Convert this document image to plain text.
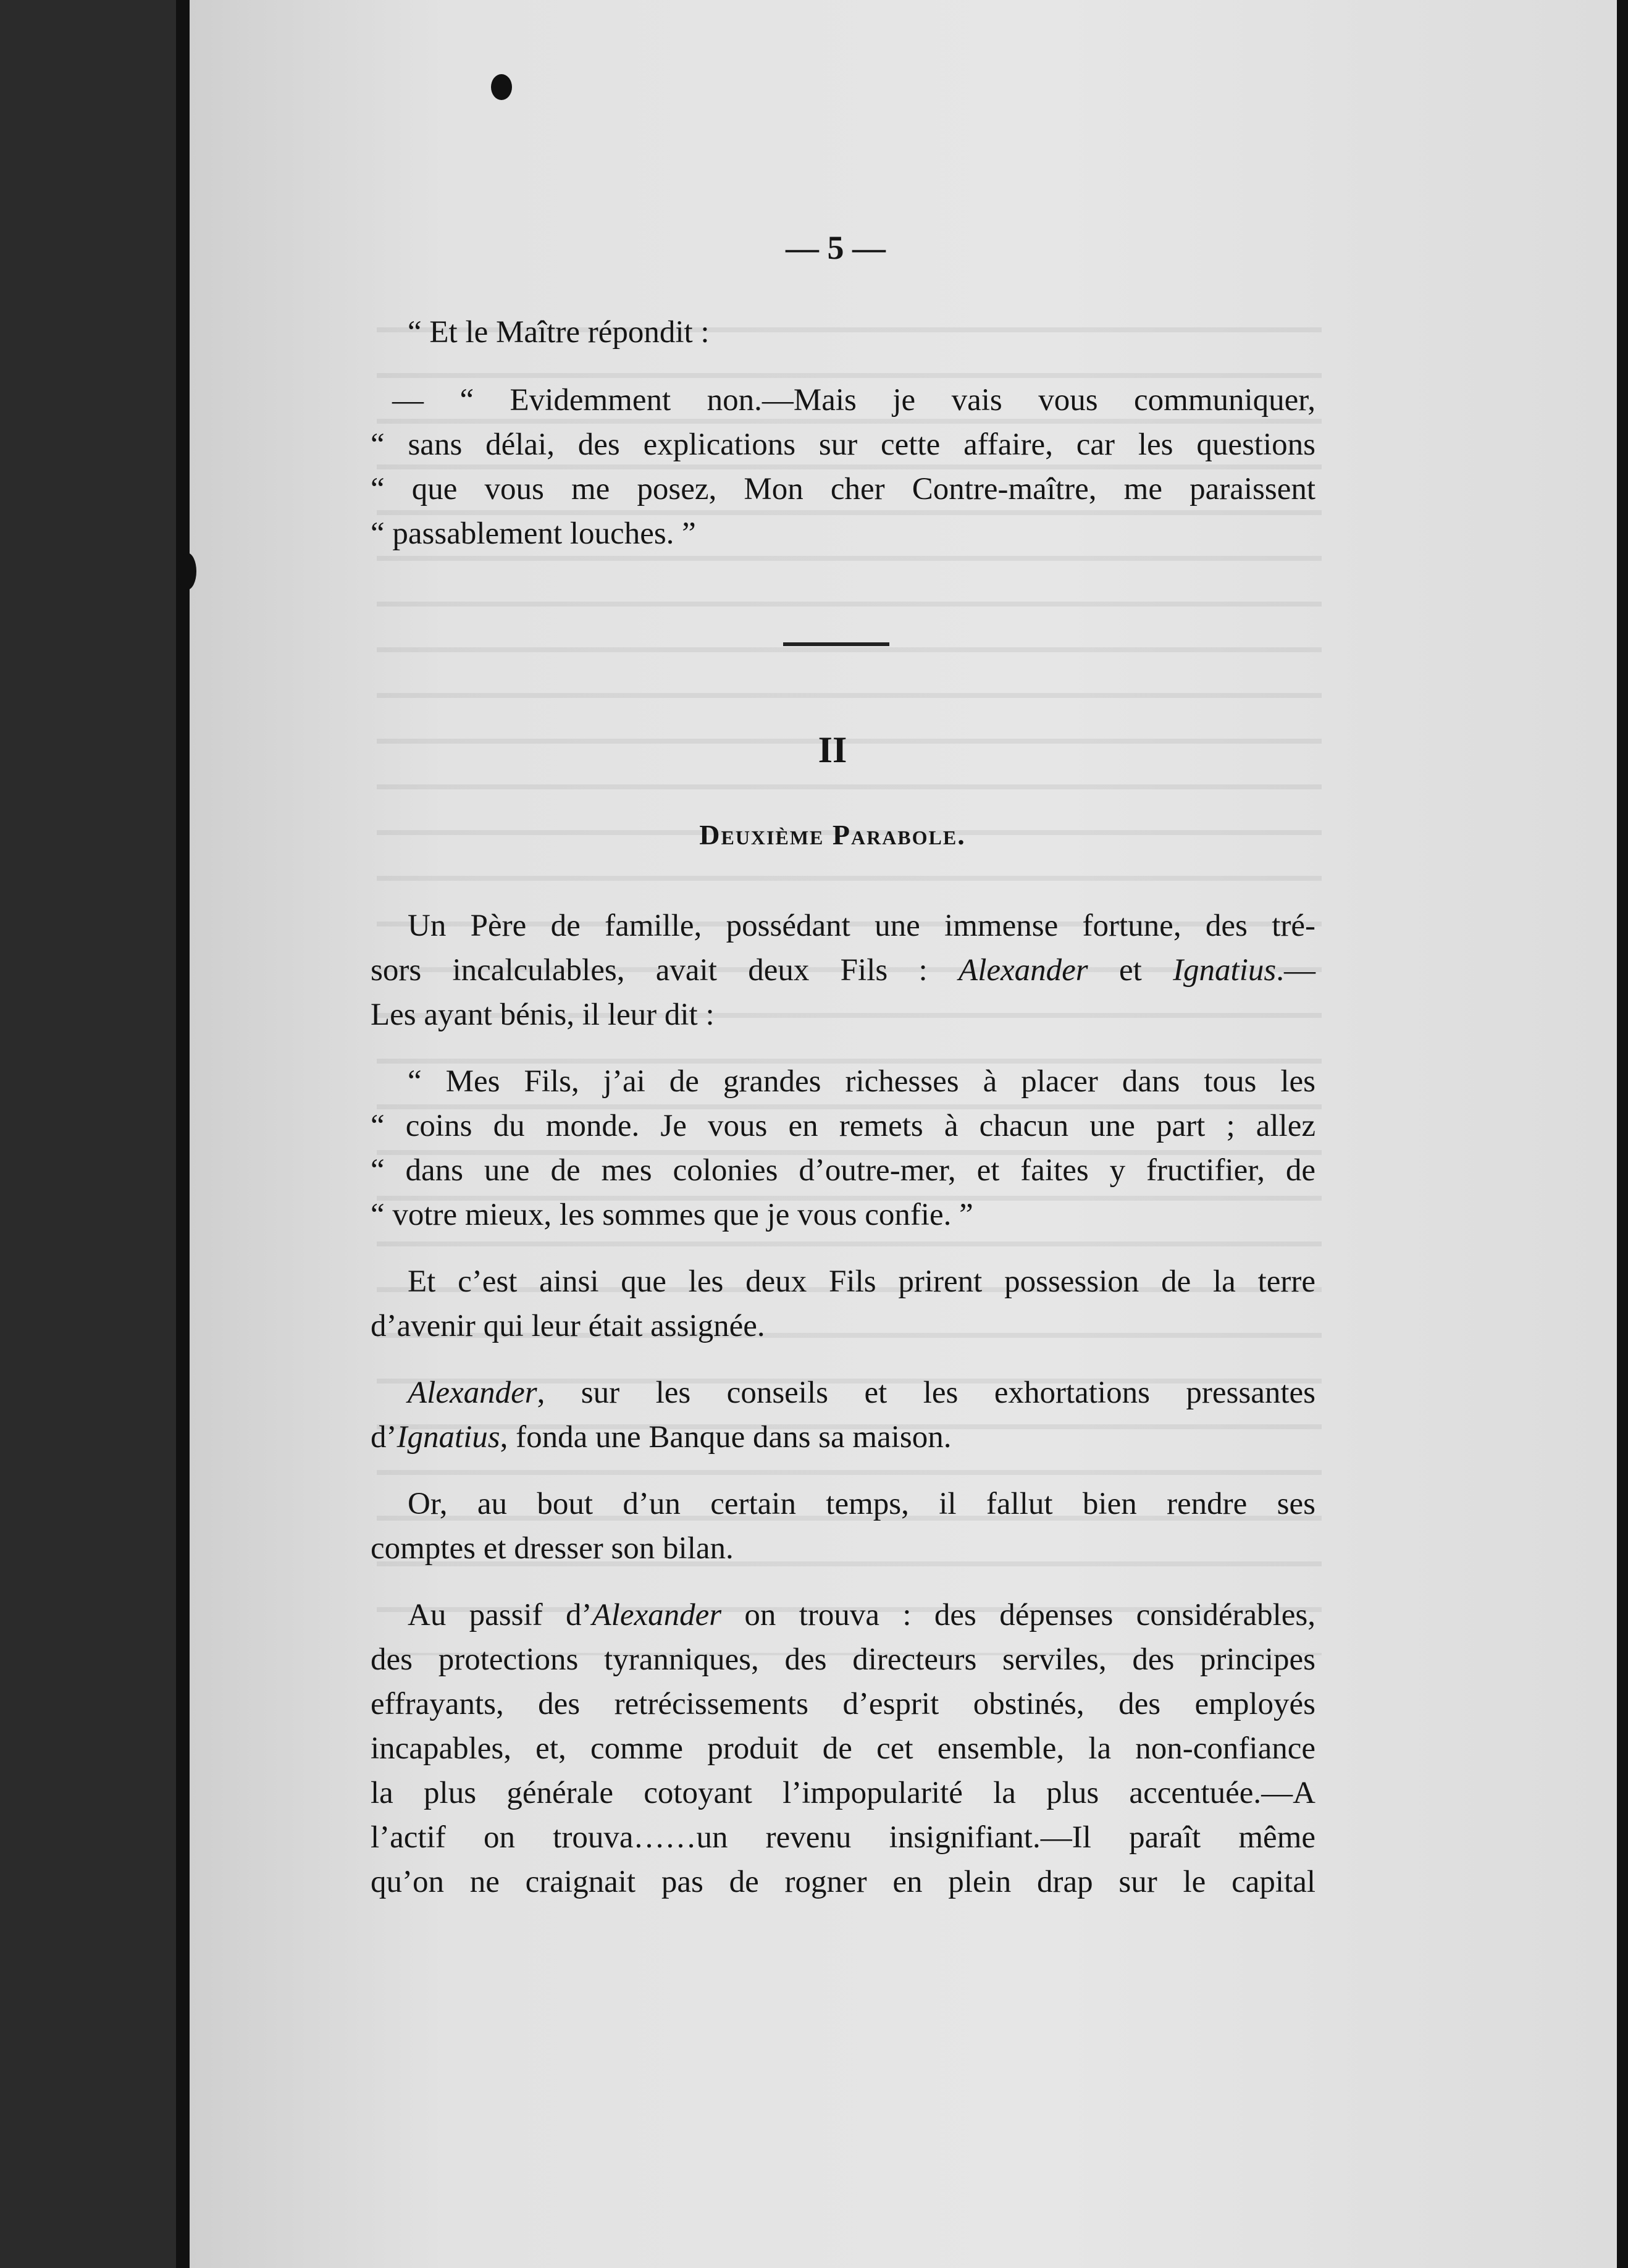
— 5 —

“ Et le Maître répondit :

— “ Evidemment non.—Mais je vais vous communiquer,

“ sans délai, des explications sur cette affaire, car les questions

“ que vous me posez, Mon cher Contre-maître, me paraissent

“ passablement louches. ”

II
Deuxième Parabole.

Un Père de famille, possédant une immense fortune, des tré-

sors incalculables, avait deux Fils : Alexander et Ignatius.—

Les ayant bénis, il leur dit :

“ Mes Fils, j’ai de grandes richesses à placer dans tous les

“ coins du monde. Je vous en remets à chacun une part ; allez

“ dans une de mes colonies d’outre-mer, et faites y fructifier, de

“ votre mieux, les sommes que je vous confie. ”

Et c’est ainsi que les deux Fils prirent possession de la terre

d’avenir qui leur était assignée.

Alexander, sur les conseils et les exhortations pressantes

d’Ignatius, fonda une Banque dans sa maison.

Or, au bout d’un certain temps, il fallut bien rendre ses

comptes et dresser son bilan.

Au passif d’Alexander on trouva : des dépenses considérables,

des protections tyranniques, des directeurs serviles, des principes

effrayants, des retrécissements d’esprit obstinés, des employés

incapables, et, comme produit de cet ensemble, la non-confiance

la plus générale cotoyant l’impopularité la plus accentuée.—A

l’actif on trouva……un revenu insignifiant.—Il paraît même

qu’on ne craignait pas de rogner en plein drap sur le capital
